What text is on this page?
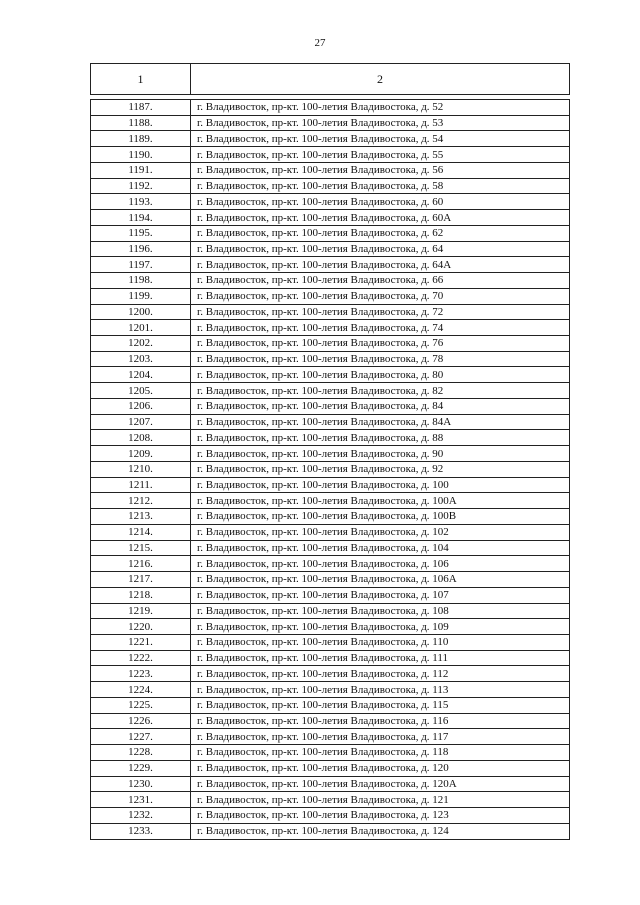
27
1	2
1187.	г. Владивосток, пр-кт. 100-летия Владивостока, д. 52
1188.	г. Владивосток, пр-кт. 100-летия Владивостока, д. 53
1189.	г. Владивосток, пр-кт. 100-летия Владивостока, д. 54
1190.	г. Владивосток, пр-кт. 100-летия Владивостока, д. 55
1191.	г. Владивосток, пр-кт. 100-летия Владивостока, д. 56
1192.	г. Владивосток, пр-кт. 100-летия Владивостока, д. 58
1193.	г. Владивосток, пр-кт. 100-летия Владивостока, д. 60
1194.	г. Владивосток, пр-кт. 100-летия Владивостока, д. 60А
1195.	г. Владивосток, пр-кт. 100-летия Владивостока, д. 62
1196.	г. Владивосток, пр-кт. 100-летия Владивостока, д. 64
1197.	г. Владивосток, пр-кт. 100-летия Владивостока, д. 64А
1198.	г. Владивосток, пр-кт. 100-летия Владивостока, д. 66
1199.	г. Владивосток, пр-кт. 100-летия Владивостока, д. 70
1200.	г. Владивосток, пр-кт. 100-летия Владивостока, д. 72
1201.	г. Владивосток, пр-кт. 100-летия Владивостока, д. 74
1202.	г. Владивосток, пр-кт. 100-летия Владивостока, д. 76
1203.	г. Владивосток, пр-кт. 100-летия Владивостока, д. 78
1204.	г. Владивосток, пр-кт. 100-летия Владивостока, д. 80
1205.	г. Владивосток, пр-кт. 100-летия Владивостока, д. 82
1206.	г. Владивосток, пр-кт. 100-летия Владивостока, д. 84
1207.	г. Владивосток, пр-кт. 100-летия Владивостока, д. 84А
1208.	г. Владивосток, пр-кт. 100-летия Владивостока, д. 88
1209.	г. Владивосток, пр-кт. 100-летия Владивостока, д. 90
1210.	г. Владивосток, пр-кт. 100-летия Владивостока, д. 92
1211.	г. Владивосток, пр-кт. 100-летия Владивостока, д. 100
1212.	г. Владивосток, пр-кт. 100-летия Владивостока, д. 100А
1213.	г. Владивосток, пр-кт. 100-летия Владивостока, д. 100В
1214.	г. Владивосток, пр-кт. 100-летия Владивостока, д. 102
1215.	г. Владивосток, пр-кт. 100-летия Владивостока, д. 104
1216.	г. Владивосток, пр-кт. 100-летия Владивостока, д. 106
1217.	г. Владивосток, пр-кт. 100-летия Владивостока, д. 106А
1218.	г. Владивосток, пр-кт. 100-летия Владивостока, д. 107
1219.	г. Владивосток, пр-кт. 100-летия Владивостока, д. 108
1220.	г. Владивосток, пр-кт. 100-летия Владивостока, д. 109
1221.	г. Владивосток, пр-кт. 100-летия Владивостока, д. 110
1222.	г. Владивосток, пр-кт. 100-летия Владивостока, д. 111
1223.	г. Владивосток, пр-кт. 100-летия Владивостока, д. 112
1224.	г. Владивосток, пр-кт. 100-летия Владивостока, д. 113
1225.	г. Владивосток, пр-кт. 100-летия Владивостока, д. 115
1226.	г. Владивосток, пр-кт. 100-летия Владивостока, д. 116
1227.	г. Владивосток, пр-кт. 100-летия Владивостока, д. 117
1228.	г. Владивосток, пр-кт. 100-летия Владивостока, д. 118
1229.	г. Владивосток, пр-кт. 100-летия Владивостока, д. 120
1230.	г. Владивосток, пр-кт. 100-летия Владивостока, д. 120А
1231.	г. Владивосток, пр-кт. 100-летия Владивостока, д. 121
1232.	г. Владивосток, пр-кт. 100-летия Владивостока, д. 123
1233.	г. Владивосток, пр-кт. 100-летия Владивостока, д. 124
